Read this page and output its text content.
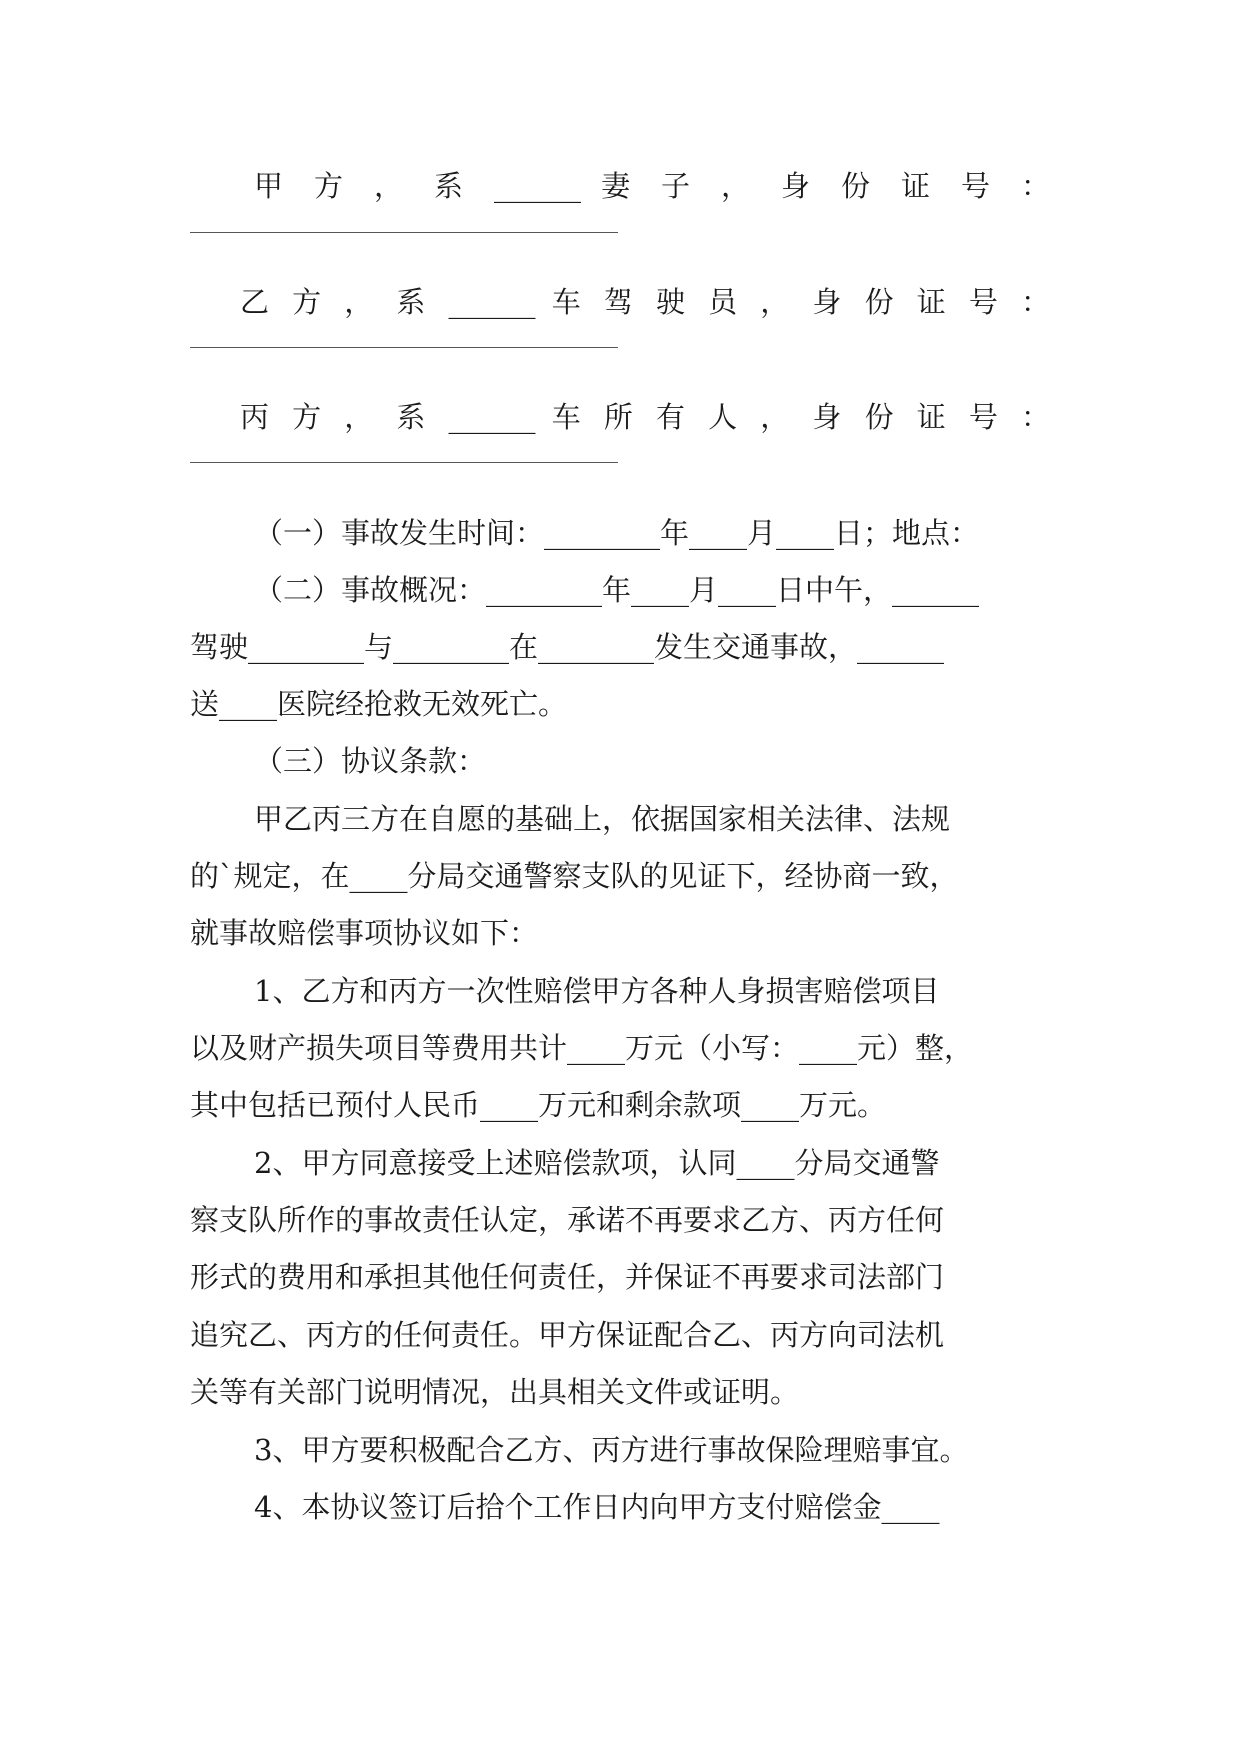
甲 方 ， 系 ______ 妻 子 ， 身 份 证 号 ：
乙 方 ， 系 ______ 车 驾 驶 员 ， 身 份 证 号 ：
丙 方 ， 系 ______ 车 所 有 人 ， 身 份 证 号 ：
（一）事故发生时间：________年____月____日；地点：
（二）事故概况：________年____月____日中午，______
驾驶________与________在________发生交通事故，______
送____医院经抢救无效死亡。
（三）协议条款：
甲乙丙三方在自愿的基础上，依据国家相关法律、法规
的`规定，在____分局交通警察支队的见证下，经协商一致，
就事故赔偿事项协议如下：
1、乙方和丙方一次性赔偿甲方各种人身损害赔偿项目
以及财产损失项目等费用共计____万元（小写：____元）整，
其中包括已预付人民币____万元和剩余款项____万元。
2、甲方同意接受上述赔偿款项，认同____分局交通警
察支队所作的事故责任认定，承诺不再要求乙方、丙方任何
形式的费用和承担其他任何责任，并保证不再要求司法部门
追究乙、丙方的任何责任。甲方保证配合乙、丙方向司法机
关等有关部门说明情况，出具相关文件或证明。
3、甲方要积极配合乙方、丙方进行事故保险理赔事宜。
4、本协议签订后拾个工作日内向甲方支付赔偿金____
